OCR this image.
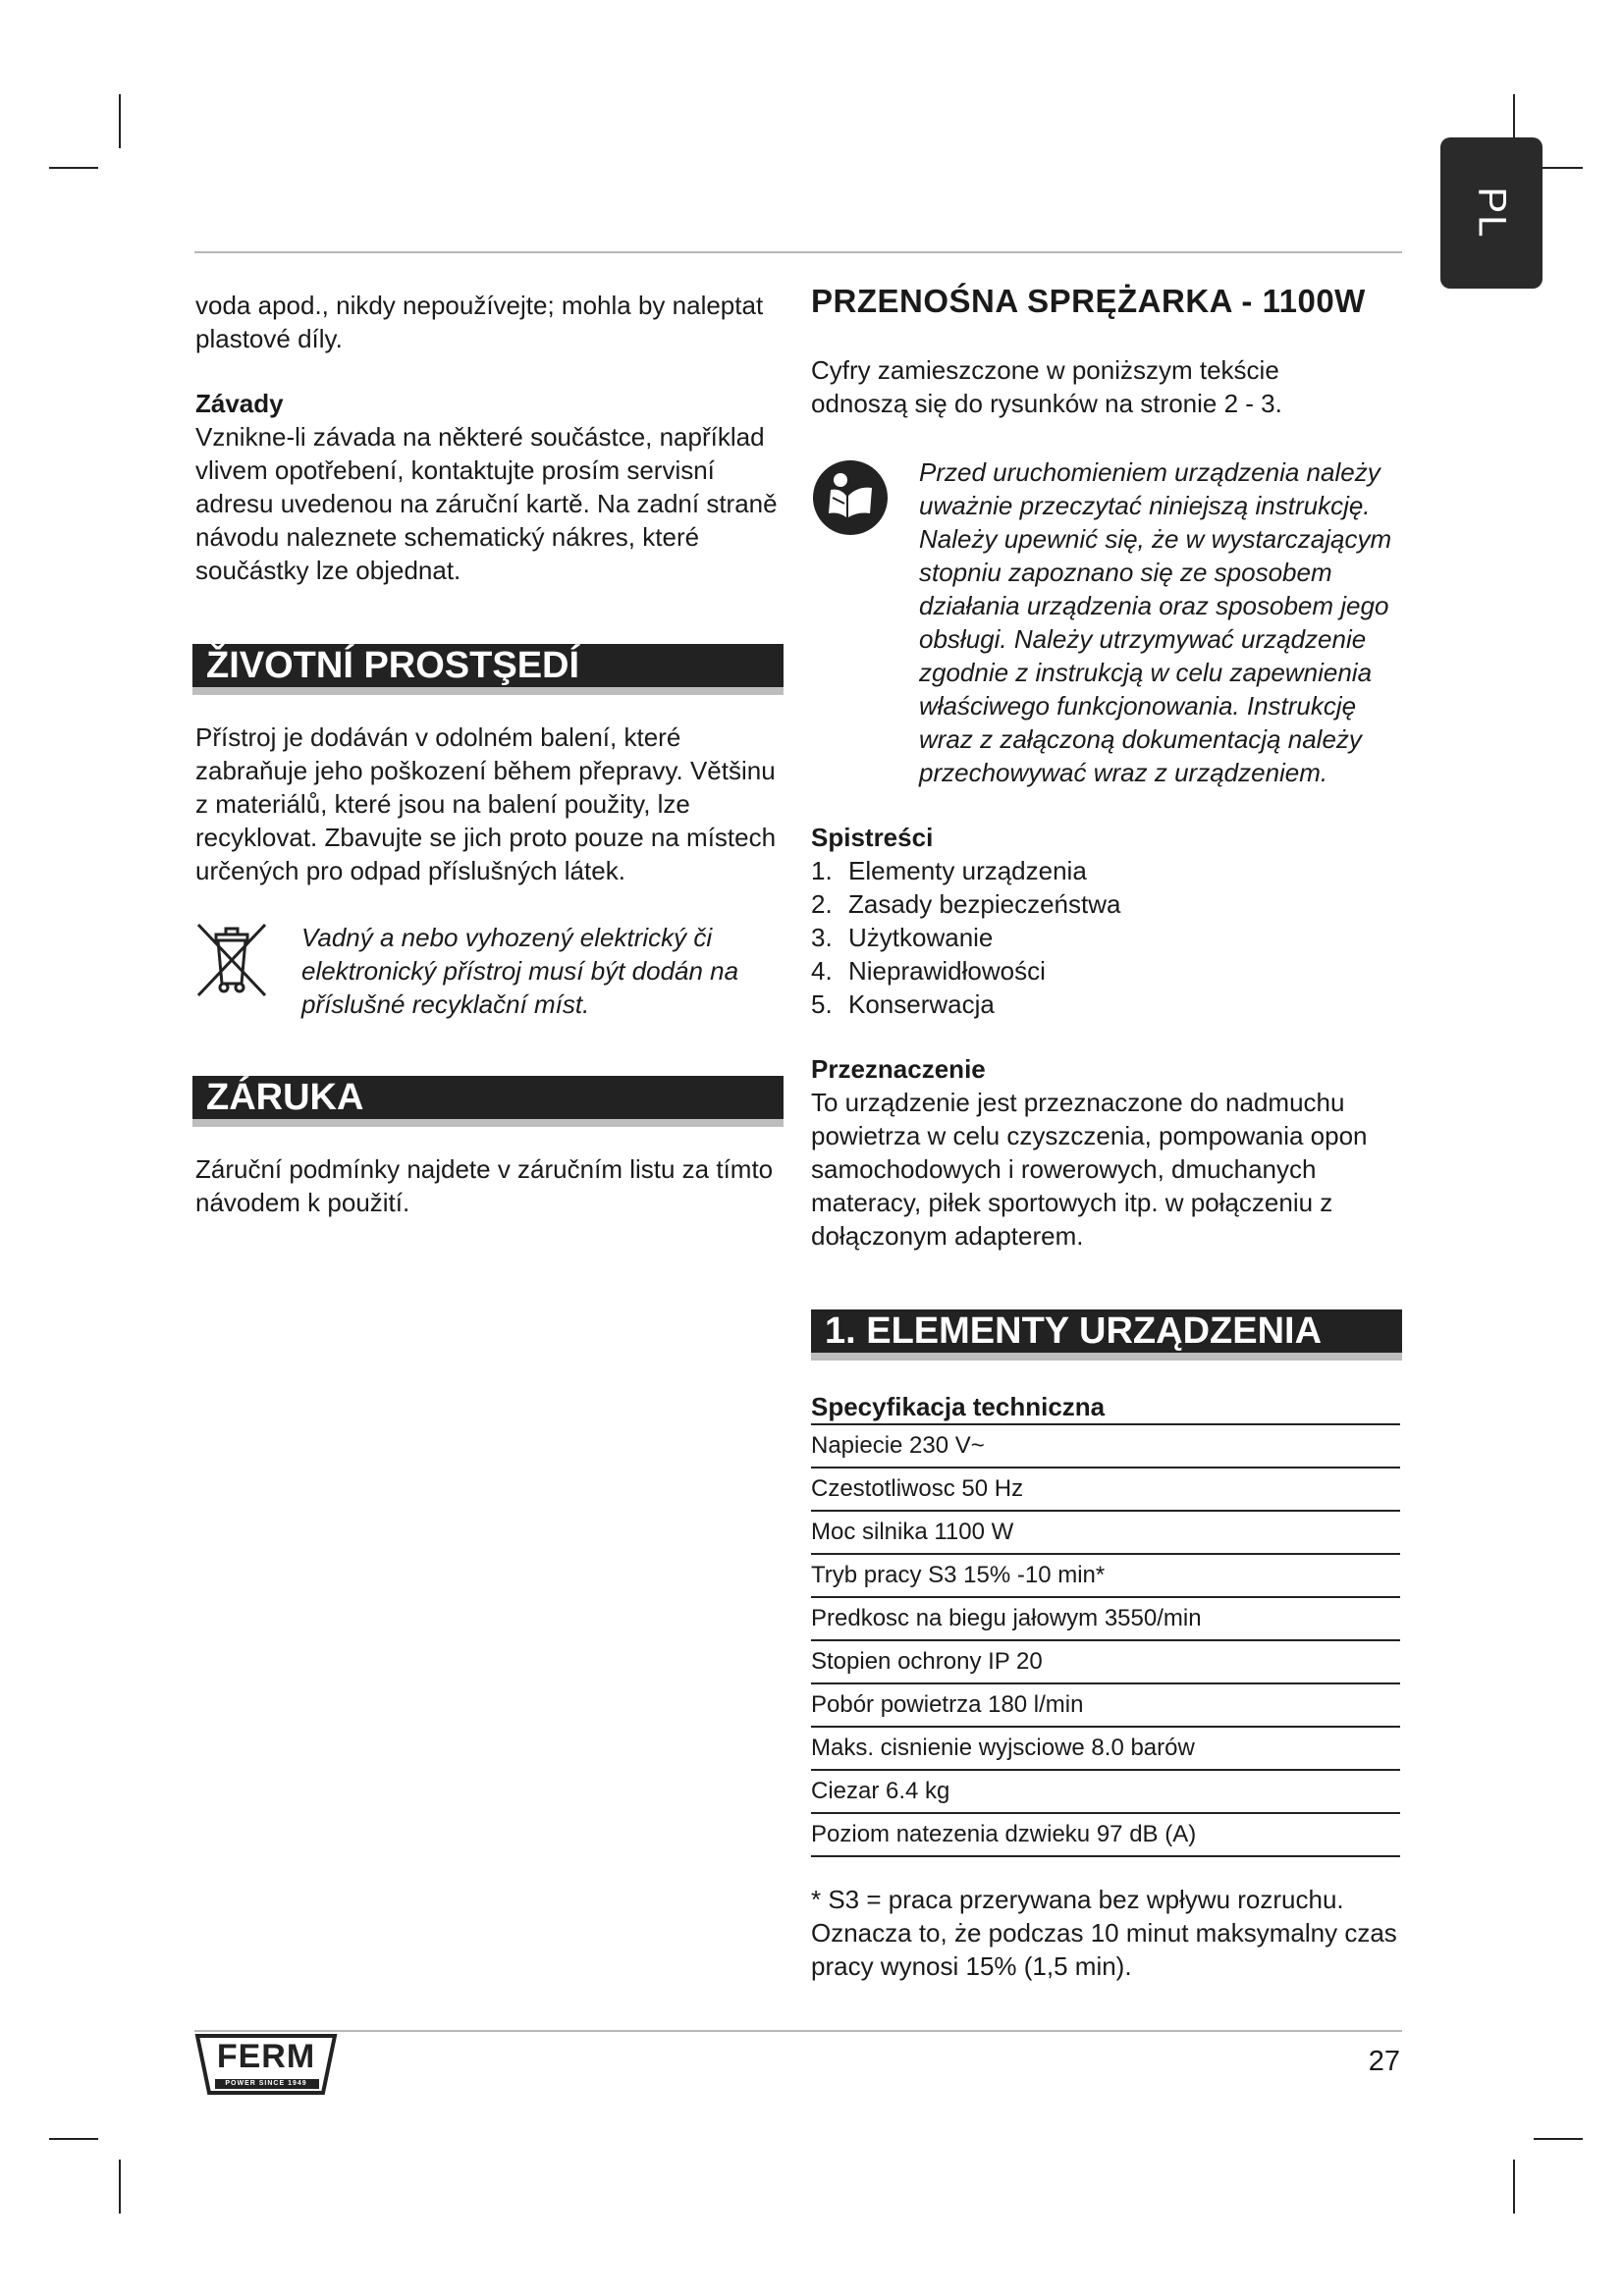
PL

voda apod., nikdy nepoužívejte; mohla by naleptat plastové díly.

Závady

Vznikne-li závada na některé součástce, například vlivem opotřebení, kontaktujte prosím servisní adresu uvedenou na záruční kartě. Na zadní straně návodu naleznete schematický nákres, které součástky lze objednat.

ŽIVOTNÍ PROSTŞEDÍ

Přístroj je dodáván v odolném balení, které zabraňuje jeho poškození během přepravy. Většinu z materiálů, které jsou na balení použity, lze recyklovat. Zbavujte se jich proto pouze na místech určených pro odpad příslušných látek.

Vadný a nebo vyhozený elektrický či elektronický přístroj musí být dodán na příslušné recyklační míst.

ZÁRUKA

Záruční podmínky najdete v záručním listu za tímto návodem k použití.

PRZENOŚNA SPRĘŻARKA - 1100W

Cyfry zamieszczone w poniższym tekście odnoszą się do rysunków na stronie 2 - 3.

Przed uruchomieniem urządzenia należy uważnie przeczytać niniejszą instrukcję. Należy upewnić się, że w wystarczającym stopniu zapoznano się ze sposobem działania urządzenia oraz sposobem jego obsługi. Należy utrzymywać urządzenie zgodnie z instrukcją w celu zapewnienia właściwego funkcjonowania. Instrukcję wraz z załączoną dokumentacją należy przechowywać wraz z urządzeniem.

Spistreści

1. Elementy urządzenia
2. Zasady bezpieczeństwa
3. Użytkowanie
4. Nieprawidłowości
5. Konserwacja

Przeznaczenie

To urządzenie jest przeznaczone do nadmuchu powietrza w celu czyszczenia, pompowania opon samochodowych i rowerowych, dmuchanych materacy, piłek sportowych itp. w połączeniu z dołączonym adapterem.

1. ELEMENTY URZĄDZENIA
Specyfikacja techniczna
Napiecie 230 V~
Czestotliwosc 50 Hz
Moc silnika 1100 W
Tryb pracy S3 15% -10 min*
Predkosc na biegu jałowym 3550/min
Stopien ochrony IP 20
Pobór powietrza 180 l/min
Maks. cisnienie wyjsciowe 8.0 barów
Ciezar 6.4 kg
Poziom natezenia dzwieku 97 dB (A)

* S3 = praca przerywana bez wpływu rozruchu. Oznacza to, że podczas 10 minut maksymalny czas pracy wynosi 15% (1,5 min).

FERM
POWER SINCE 1949
27
